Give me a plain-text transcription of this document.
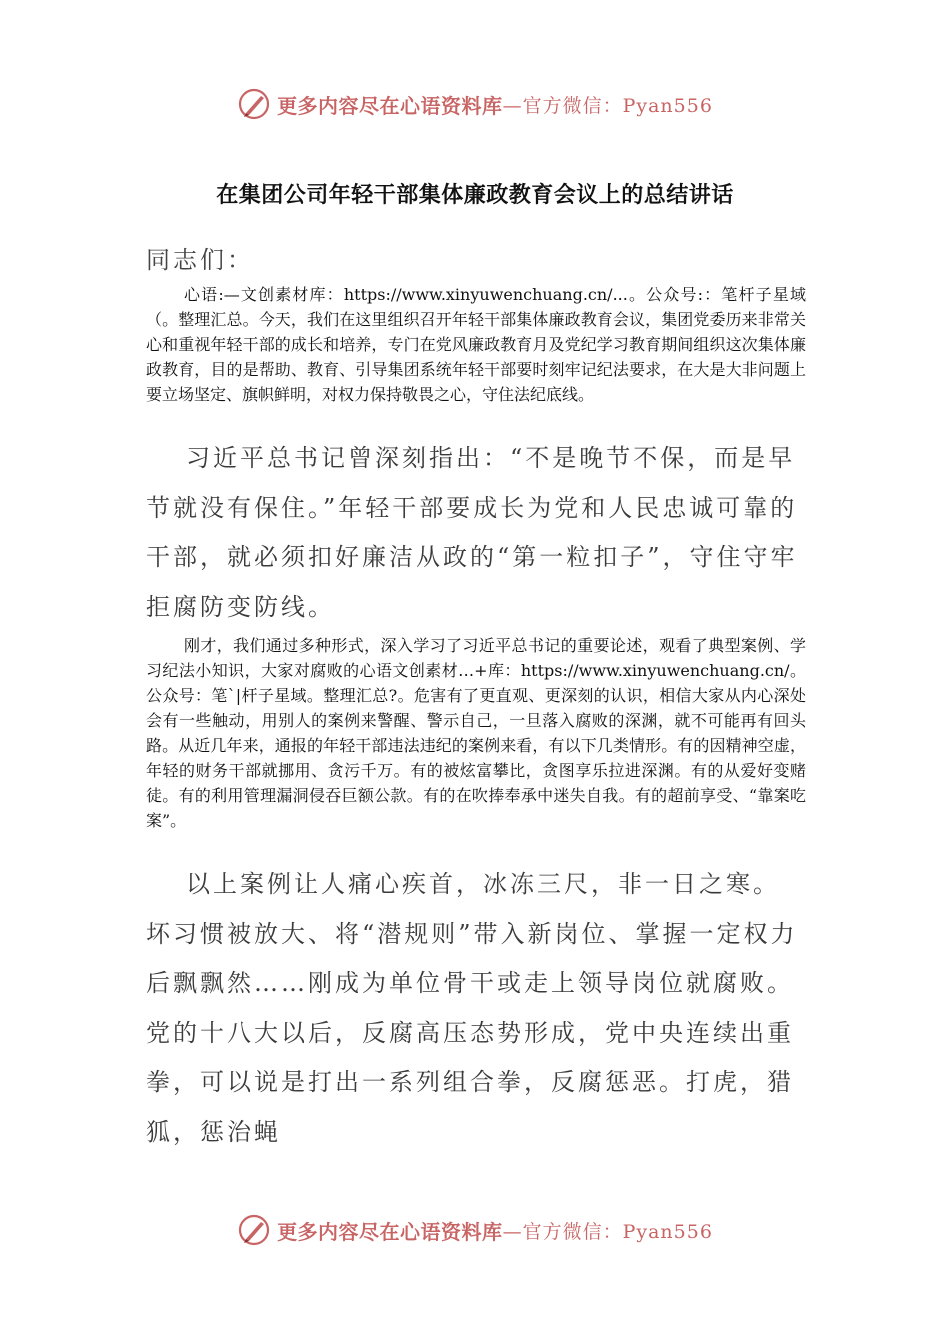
更多内容尽在心语资料库 —官方微信：Pyan556
在集团公司年轻干部集体廉政教育会议上的总结讲话
同志们：

心语:—文创素材库：https://www.xinyuwenchuang.cn/...。公众号:：笔杆子星域（。整理汇总。今天，我们在这里组织召开年轻干部集体廉政教育会议，集团党委历来非常关心和重视年轻干部的成长和培养，专门在党风廉政教育月及党纪学习教育期间组织这次集体廉政教育，目的是帮助、教育、引导集团系统年轻干部要时刻牢记纪法要求，在大是大非问题上要立场坚定、旗帜鲜明，对权力保持敬畏之心，守住法纪底线。

习近平总书记曾深刻指出：“不是晚节不保，而是早节就没有保住。”年轻干部要成长为党和人民忠诚可靠的干部，就必须扣好廉洁从政的“第一粒扣子”，守住守牢拒腐防变防线。

刚才，我们通过多种形式，深入学习了习近平总书记的重要论述，观看了典型案例、学习纪法小知识，大家对腐败的心语文创素材…+库：https://www.xinyuwenchuang.cn/。公众号：笔`|杆子星域。整理汇总?。危害有了更直观、更深刻的认识，相信大家从内心深处会有一些触动，用别人的案例来警醒、警示自己，一旦落入腐败的深渊，就不可能再有回头路。从近几年来，通报的年轻干部违法违纪的案例来看，有以下几类情形。有的因精神空虚，年轻的财务干部就挪用、贪污千万。有的被炫富攀比，贪图享乐拉进深渊。有的从爱好变赌徒。有的利用管理漏洞侵吞巨额公款。有的在吹捧奉承中迷失自我。有的超前享受、“靠案吃案”。

以上案例让人痛心疾首，冰冻三尺，非一日之寒。坏习惯被放大、将“潜规则”带入新岗位、掌握一定权力后飘飘然……刚成为单位骨干或走上领导岗位就腐败。党的十八大以后，反腐高压态势形成，党中央连续出重拳，可以说是打出一系列组合拳，反腐惩恶。打虎，猎狐，惩治蝇

更多内容尽在心语资料库 —官方微信：Pyan556
